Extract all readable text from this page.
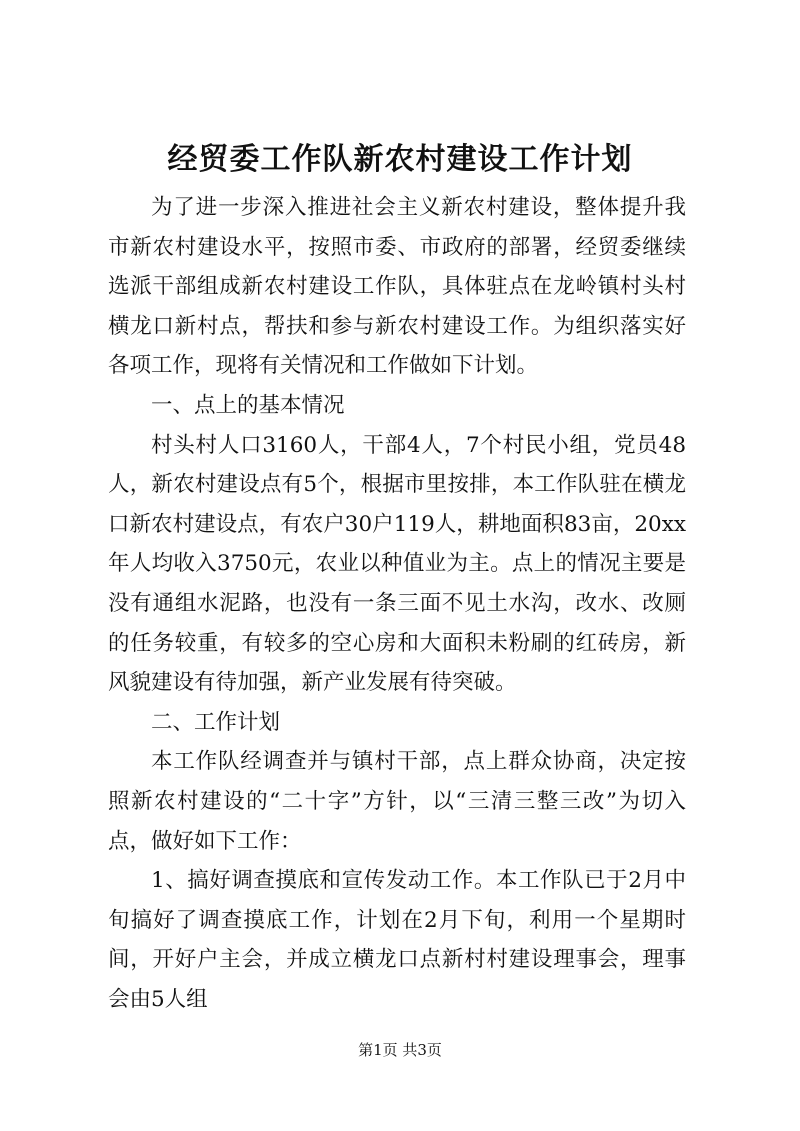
经贸委工作队新农村建设工作计划

为了进一步深入推进社会主义新农村建设，整体提升我市新农村建设水平，按照市委、市政府的部署，经贸委继续选派干部组成新农村建设工作队，具体驻点在龙岭镇村头村横龙口新村点，帮扶和参与新农村建设工作。为组织落实好各项工作，现将有关情况和工作做如下计划。

一、点上的基本情况

村头村人口3160人，干部4人，7个村民小组，党员48人，新农村建设点有5个，根据市里按排，本工作队驻在横龙口新农村建设点，有农户30户119人，耕地面积83亩，20xx年人均收入3750元，农业以种值业为主。点上的情况主要是没有通组水泥路，也没有一条三面不见土水沟，改水、改厕的任务较重，有较多的空心房和大面积未粉刷的红砖房，新风貌建设有待加强，新产业发展有待突破。

二、工作计划

本工作队经调查并与镇村干部，点上群众协商，决定按照新农村建设的“二十字”方针，以“三清三整三改”为切入点，做好如下工作：

1、搞好调查摸底和宣传发动工作。本工作队已于2月中旬搞好了调查摸底工作，计划在2月下旬，利用一个星期时间，开好户主会，并成立横龙口点新村村建设理事会，理事会由5人组

第1页 共3页
